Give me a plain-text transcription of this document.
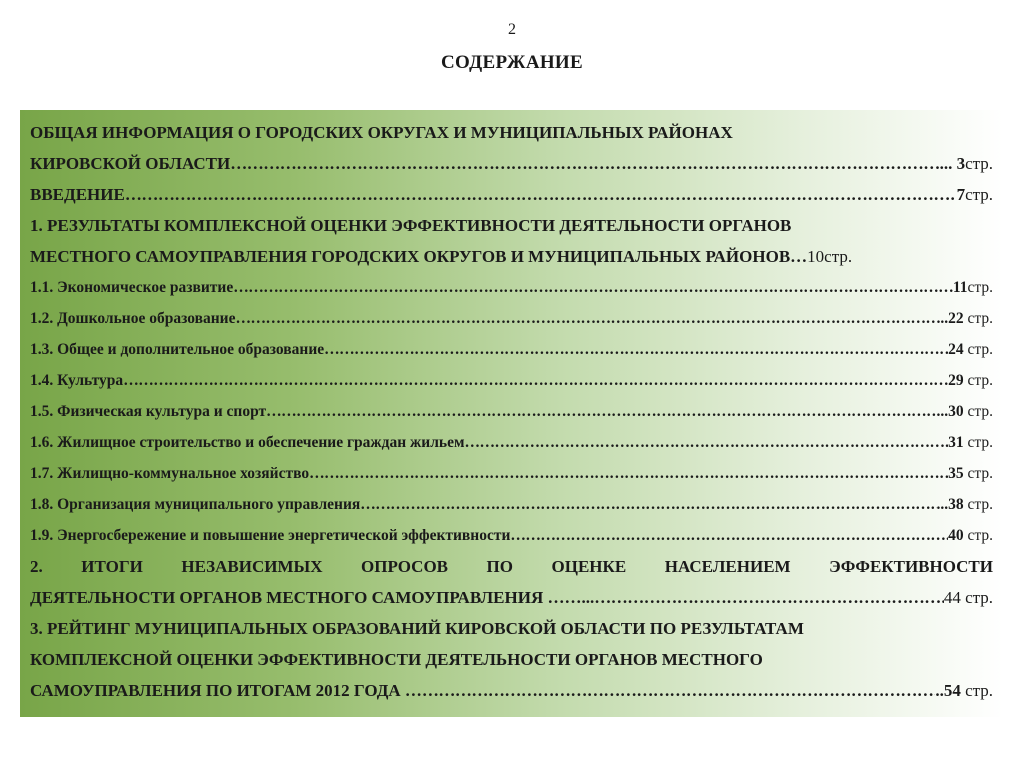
2
СОДЕРЖАНИЕ
ОБЩАЯ ИНФОРМАЦИЯ О ГОРОДСКИХ ОКРУГАХ И МУНИЦИПАЛЬНЫХ РАЙОНАХ
КИРОВСКОЙ ОБЛАСТИ ………………………………………………………………………………………………………………………………………………………………………………………………	... 3стр.
ВВЕДЕНИЕ ………………………………………………………………………………………………………………………………………………………………………………………………	7стр.
1. РЕЗУЛЬТАТЫ КОМПЛЕКСНОЙ ОЦЕНКИ ЭФФЕКТИВНОСТИ ДЕЯТЕЛЬНОСТИ ОРГАНОВ
МЕСТНОГО САМОУПРАВЛЕНИЯ ГОРОДСКИХ ОКРУГОВ И МУНИЦИПАЛЬНЫХ РАЙОНОВ… 10стр.
1.1. Экономическое развитие ………………………………………………………………………………………………………………………………………………………………………………………………	11стр.
1.2. Дошкольное образование ………………………………………………………………………………………………………………………………………………………………………………………………	..22 стр.
1.3. Общее и дополнительное образование ………………………………………………………………………………………………………………………………………………………………………………………………	24 стр.
1.4. Культура ………………………………………………………………………………………………………………………………………………………………………………………………	29 стр.
1.5. Физическая культура и спорт ………………………………………………………………………………………………………………………………………………………………………………………………	...30 стр.
1.6. Жилищное строительство и обеспечение граждан жильем ………………………………………………………………………………………………………………………………………………………………………………………………	31 стр.
1.7. Жилищно-коммунальное хозяйство ………………………………………………………………………………………………………………………………………………………………………………………………	35 стр.
1.8. Организация муниципального управления ………………………………………………………………………………………………………………………………………………………………………………………………	...38 стр.
1.9. Энергосбережение и повышение энергетической эффективности ………………………………………………………………………………………………………………………………………………………………………………………………	40 стр.
2. ИТОГИ НЕЗАВИСИМЫХ ОПРОСОВ ПО ОЦЕНКЕ НАСЕЛЕНИЕМ ЭФФЕКТИВНОСТИ
ДЕЯТЕЛЬНОСТИ ОРГАНОВ МЕСТНОГО САМОУПРАВЛЕНИЯ ……... ………………………………………………………………………………………………………………………………………………………………………………………………	44 стр.
3. РЕЙТИНГ МУНИЦИПАЛЬНЫХ ОБРАЗОВАНИЙ КИРОВСКОЙ ОБЛАСТИ ПО РЕЗУЛЬТАТАМ
КОМПЛЕКСНОЙ ОЦЕНКИ ЭФФЕКТИВНОСТИ ДЕЯТЕЛЬНОСТИ ОРГАНОВ МЕСТНОГО
САМОУПРАВЛЕНИЯ ПО ИТОГАМ 2012 ГОДА … ………………………………………………………………………………………………………………………………………………………………………………………………	..54 стр.
